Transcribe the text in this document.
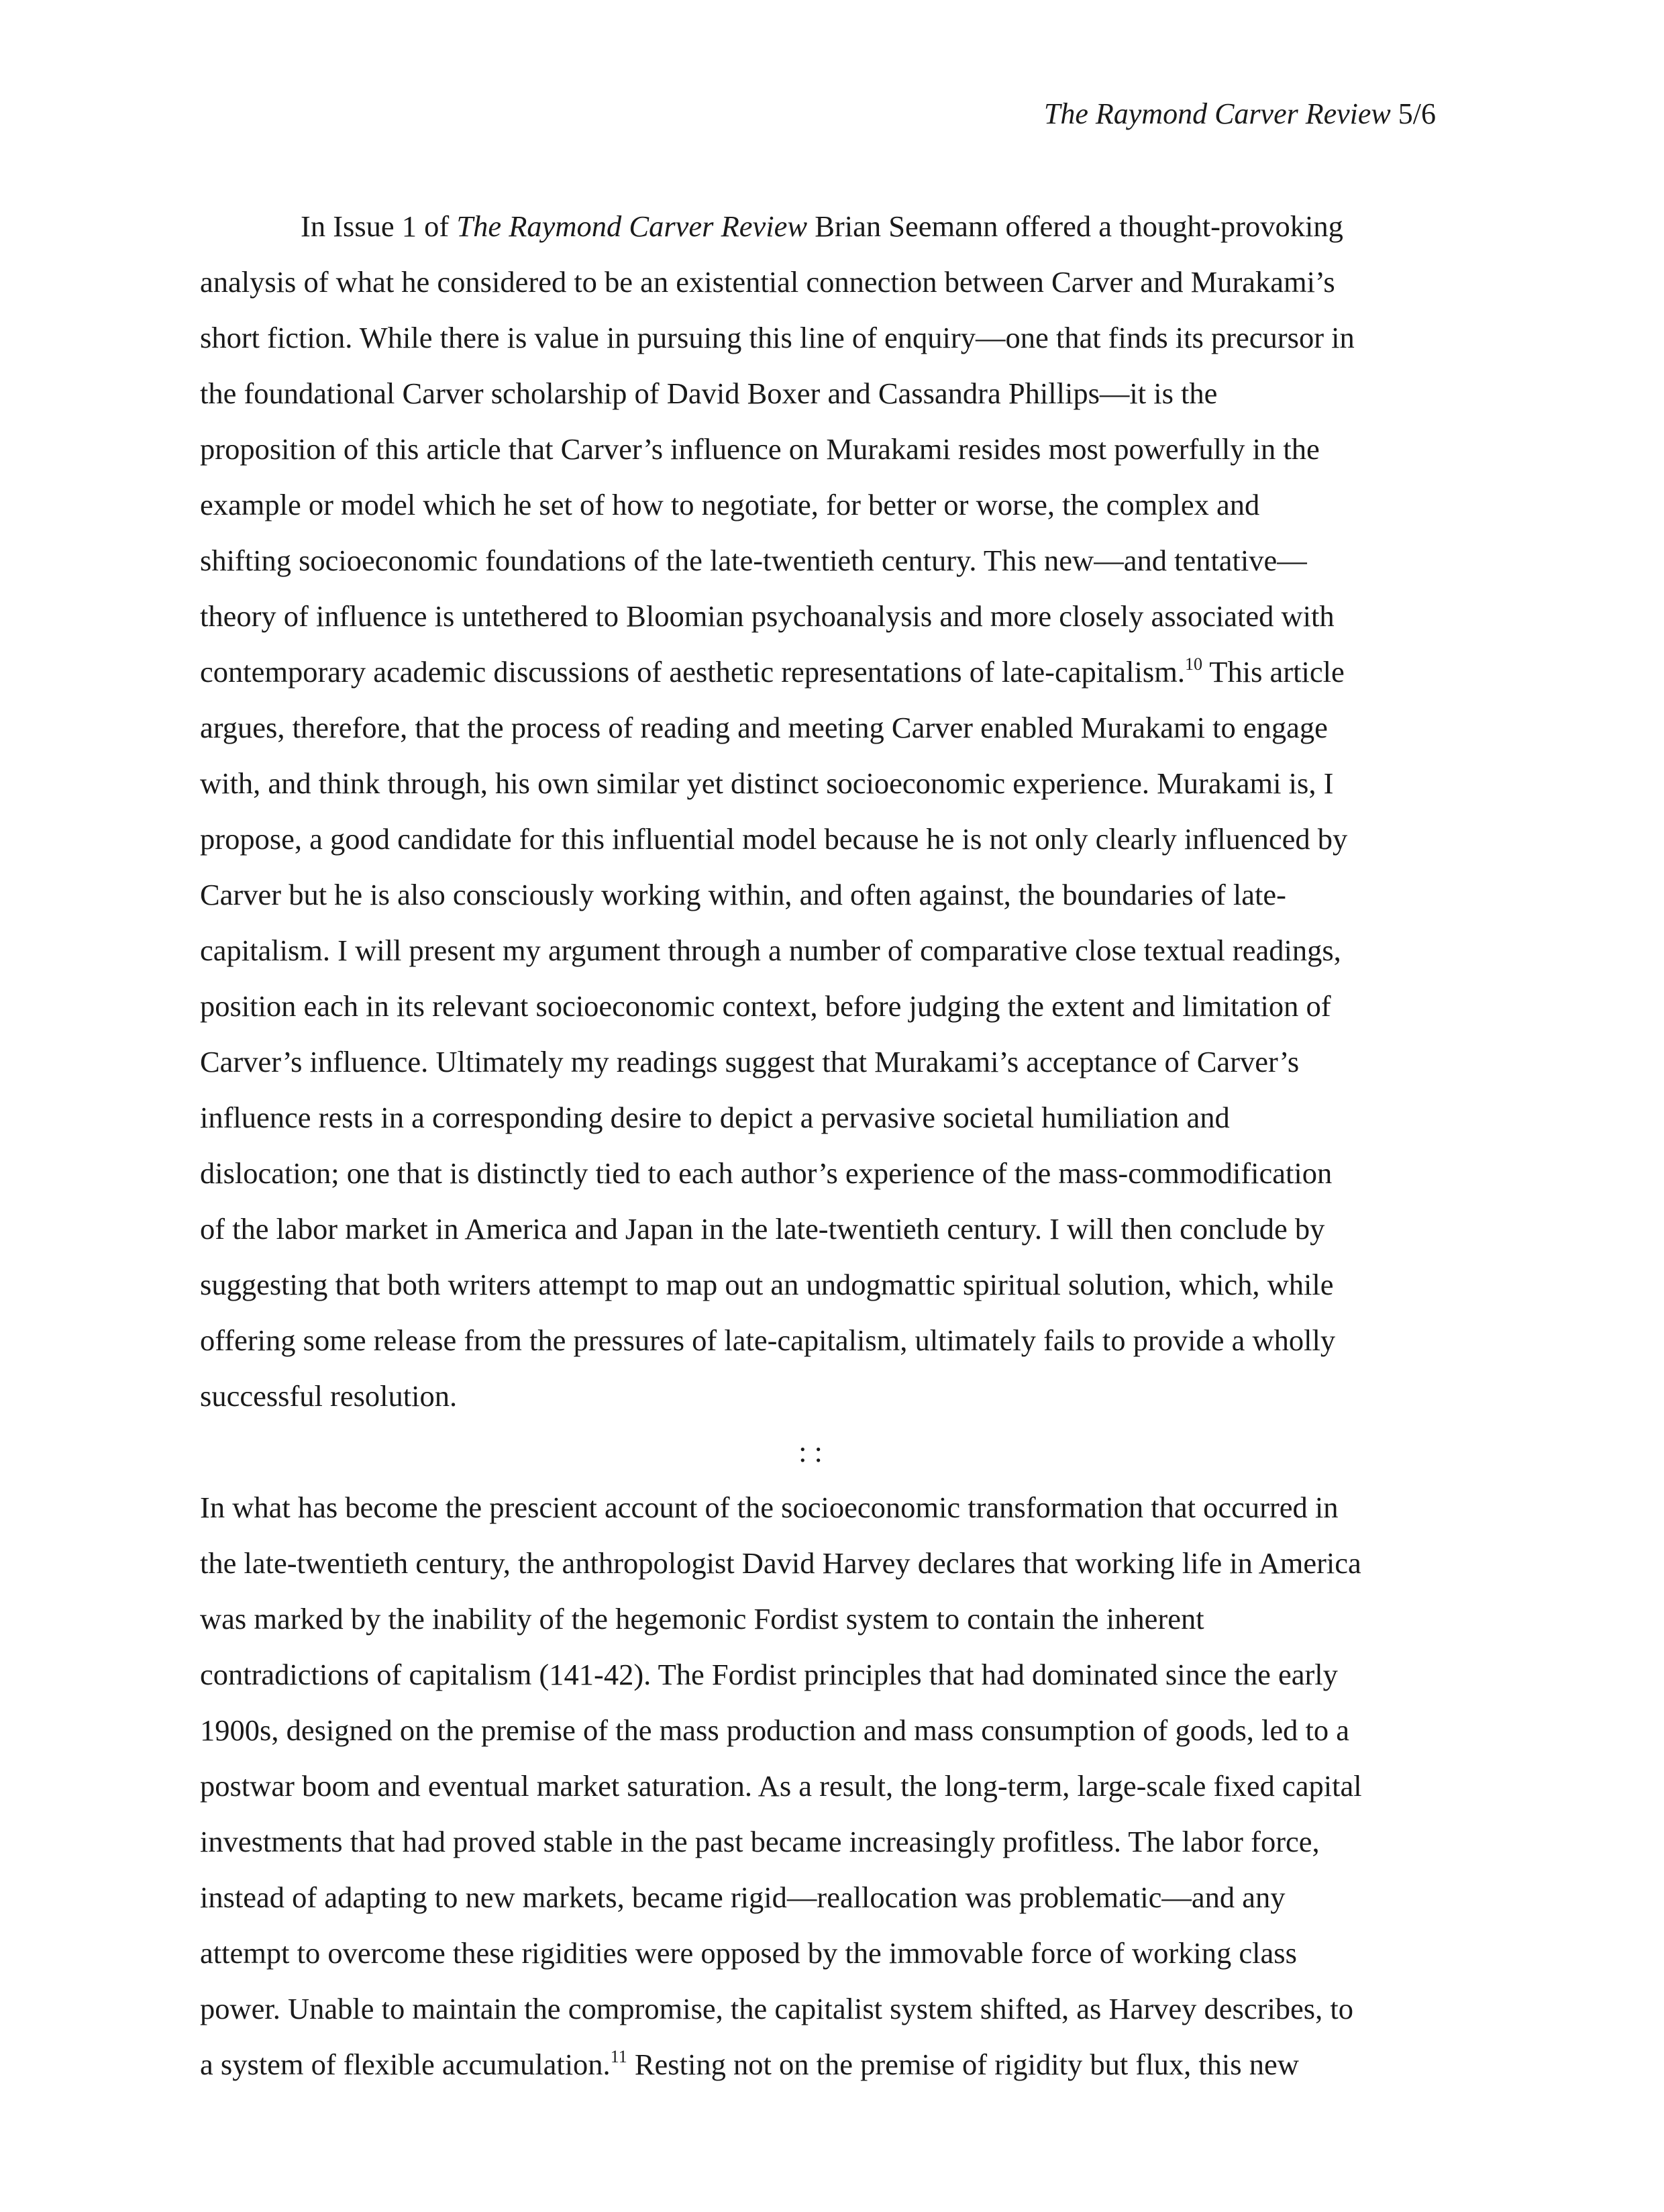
The Raymond Carver Review 5/6
In Issue 1 of The Raymond Carver Review Brian Seemann offered a thought-provoking
analysis of what he considered to be an existential connection between Carver and Murakami’s
short fiction. While there is value in pursuing this line of enquiry—one that finds its precursor in
the foundational Carver scholarship of David Boxer and Cassandra Phillips—it is the
proposition of this article that Carver’s influence on Murakami resides most powerfully in the
example or model which he set of how to negotiate, for better or worse, the complex and
shifting socioeconomic foundations of the late-twentieth century. This new—and tentative—
theory of influence is untethered to Bloomian psychoanalysis and more closely associated with
contemporary academic discussions of aesthetic representations of late-capitalism.$^{10}$ This article
argues, therefore, that the process of reading and meeting Carver enabled Murakami to engage
with, and think through, his own similar yet distinct socioeconomic experience. Murakami is, I
propose, a good candidate for this influential model because he is not only clearly influenced by
Carver but he is also consciously working within, and often against, the boundaries of late-
capitalism. I will present my argument through a number of comparative close textual readings,
position each in its relevant socioeconomic context, before judging the extent and limitation of
Carver’s influence. Ultimately my readings suggest that Murakami’s acceptance of Carver’s
influence rests in a corresponding desire to depict a pervasive societal humiliation and
dislocation; one that is distinctly tied to each author’s experience of the mass-commodification
of the labor market in America and Japan in the late-twentieth century. I will then conclude by
suggesting that both writers attempt to map out an undogmattic spiritual solution, which, while
offering some release from the pressures of late-capitalism, ultimately fails to provide a wholly
successful resolution.
: :
In what has become the prescient account of the socioeconomic transformation that occurred in
the late-twentieth century, the anthropologist David Harvey declares that working life in America
was marked by the inability of the hegemonic Fordist system to contain the inherent
contradictions of capitalism (141-42). The Fordist principles that had dominated since the early
1900s, designed on the premise of the mass production and mass consumption of goods, led to a
postwar boom and eventual market saturation. As a result, the long-term, large-scale fixed capital
investments that had proved stable in the past became increasingly profitless. The labor force,
instead of adapting to new markets, became rigid—reallocation was problematic—and any
attempt to overcome these rigidities were opposed by the immovable force of working class
power. Unable to maintain the compromise, the capitalist system shifted, as Harvey describes, to
a system of flexible accumulation.$^{11}$ Resting not on the premise of rigidity but flux, this new
